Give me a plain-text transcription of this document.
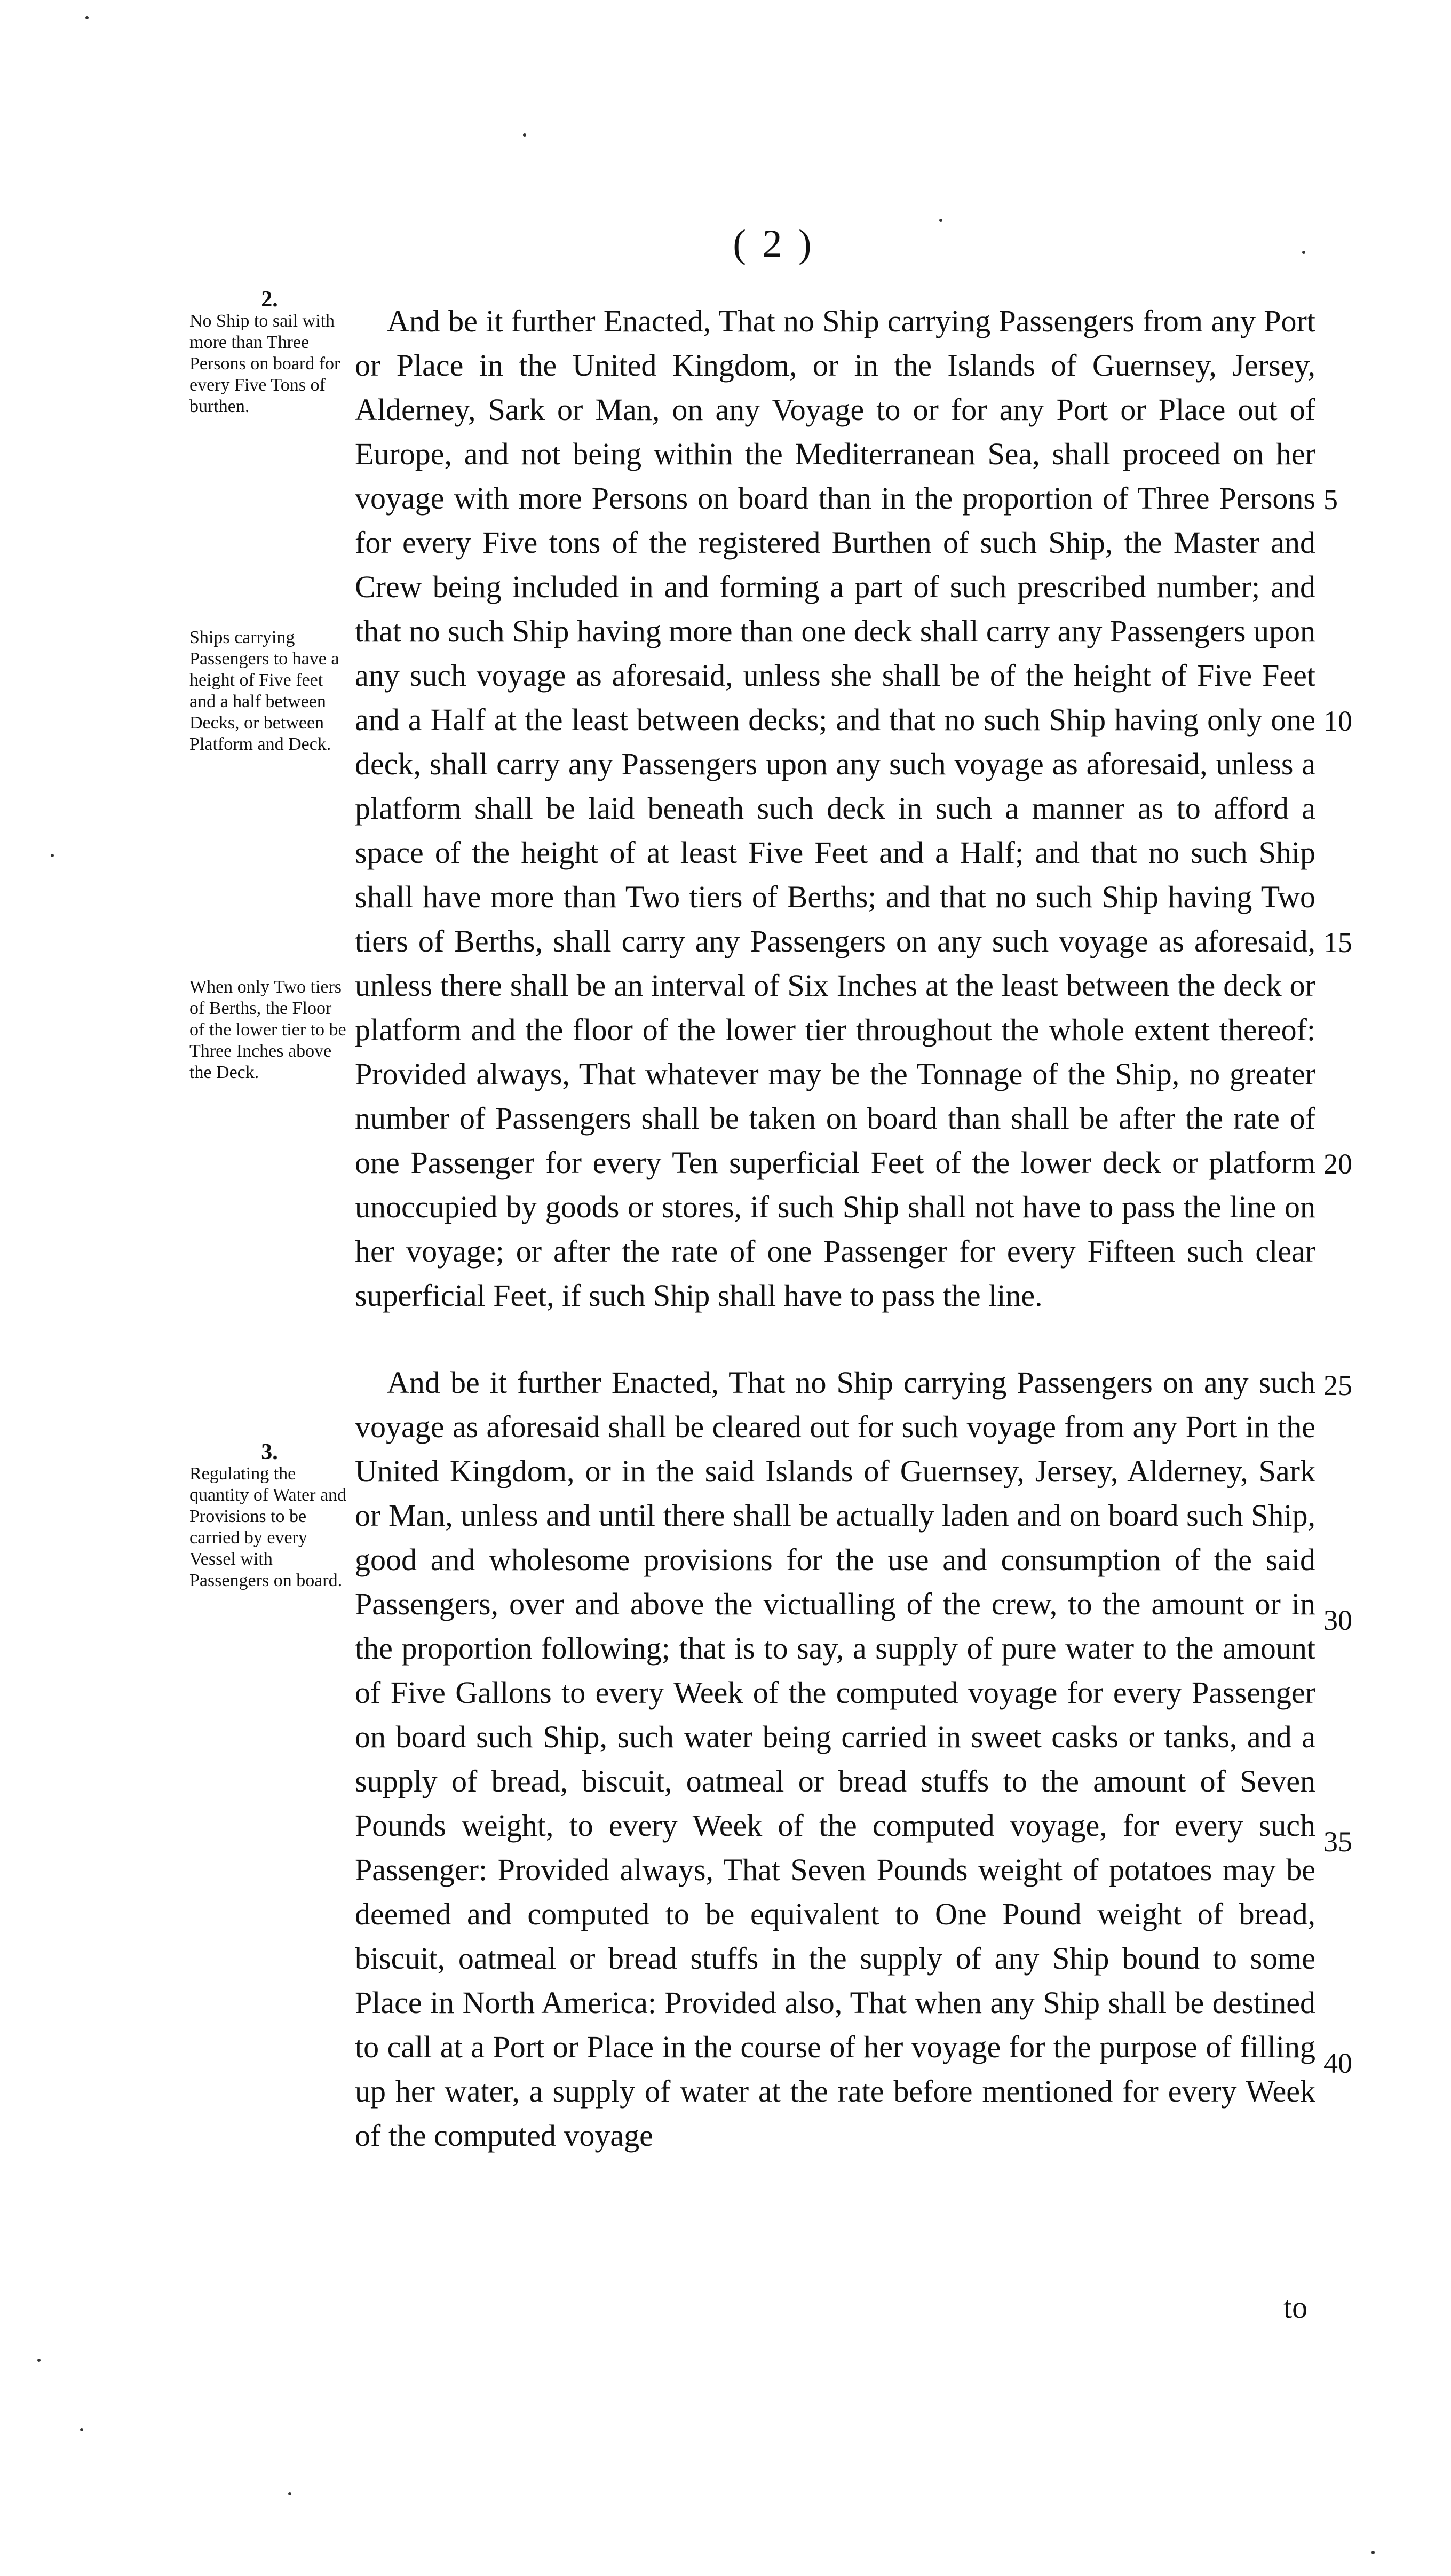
( 2 )
2.
No Ship to sail with more than Three Persons on board for every Five Tons of burthen.
Ships carrying Passengers to have a height of Five feet and a half between Decks, or between Platform and Deck.
When only Two tiers of Berths, the Floor of the lower tier to be Three Inches above the Deck.
3.
Regulating the quantity of Water and Provisions to be carried by every Vessel with Passengers on board.

And be it further Enacted, That no Ship carrying Passengers from any Port or Place in the United Kingdom, or in the Islands of Guernsey, Jersey, Alderney, Sark or Man, on any Voyage to or for any Port or Place out of Europe, and not being within the Mediterranean Sea, shall proceed on her voyage with more Persons on board than in the proportion of Three Persons for every Five tons of the registered Burthen of such Ship, the Master and Crew being included in and forming a part of such prescribed number; and that no such Ship having more than one deck shall carry any Passengers upon any such voyage as aforesaid, unless she shall be of the height of Five Feet and a Half at the least between decks; and that no such Ship having only one deck, shall carry any Passengers upon any such voyage as aforesaid, unless a platform shall be laid beneath such deck in such a manner as to afford a space of the height of at least Five Feet and a Half; and that no such Ship shall have more than Two tiers of Berths; and that no such Ship having Two tiers of Berths, shall carry any Passengers on any such voyage as aforesaid, unless there shall be an interval of Six Inches at the least between the deck or platform and the floor of the lower tier throughout the whole extent thereof: Provided always, That whatever may be the Tonnage of the Ship, no greater number of Passengers shall be taken on board than shall be after the rate of one Passenger for every Ten superficial Feet of the lower deck or platform unoccupied by goods or stores, if such Ship shall not have to pass the line on her voyage; or after the rate of one Passenger for every Fifteen such clear superficial Feet, if such Ship shall have to pass the line.

And be it further Enacted, That no Ship carrying Passengers on any such voyage as aforesaid shall be cleared out for such voyage from any Port in the United Kingdom, or in the said Islands of Guernsey, Jersey, Alderney, Sark or Man, unless and until there shall be actually laden and on board such Ship, good and wholesome provisions for the use and consumption of the said Passengers, over and above the victualling of the crew, to the amount or in the proportion following; that is to say, a supply of pure water to the amount of Five Gallons to every Week of the computed voyage for every Passenger on board such Ship, such water being carried in sweet casks or tanks, and a supply of bread, biscuit, oatmeal or bread stuffs to the amount of Seven Pounds weight, to every Week of the computed voyage, for every such Passenger: Provided always, That Seven Pounds weight of potatoes may be deemed and computed to be equivalent to One Pound weight of bread, biscuit, oatmeal or bread stuffs in the supply of any Ship bound to some Place in North America: Provided also, That when any Ship shall be destined to call at a Port or Place in the course of her voyage for the purpose of filling up her water, a supply of water at the rate before mentioned for every Week of the computed voyage

5
10
15
20
25
30
35
40
to
